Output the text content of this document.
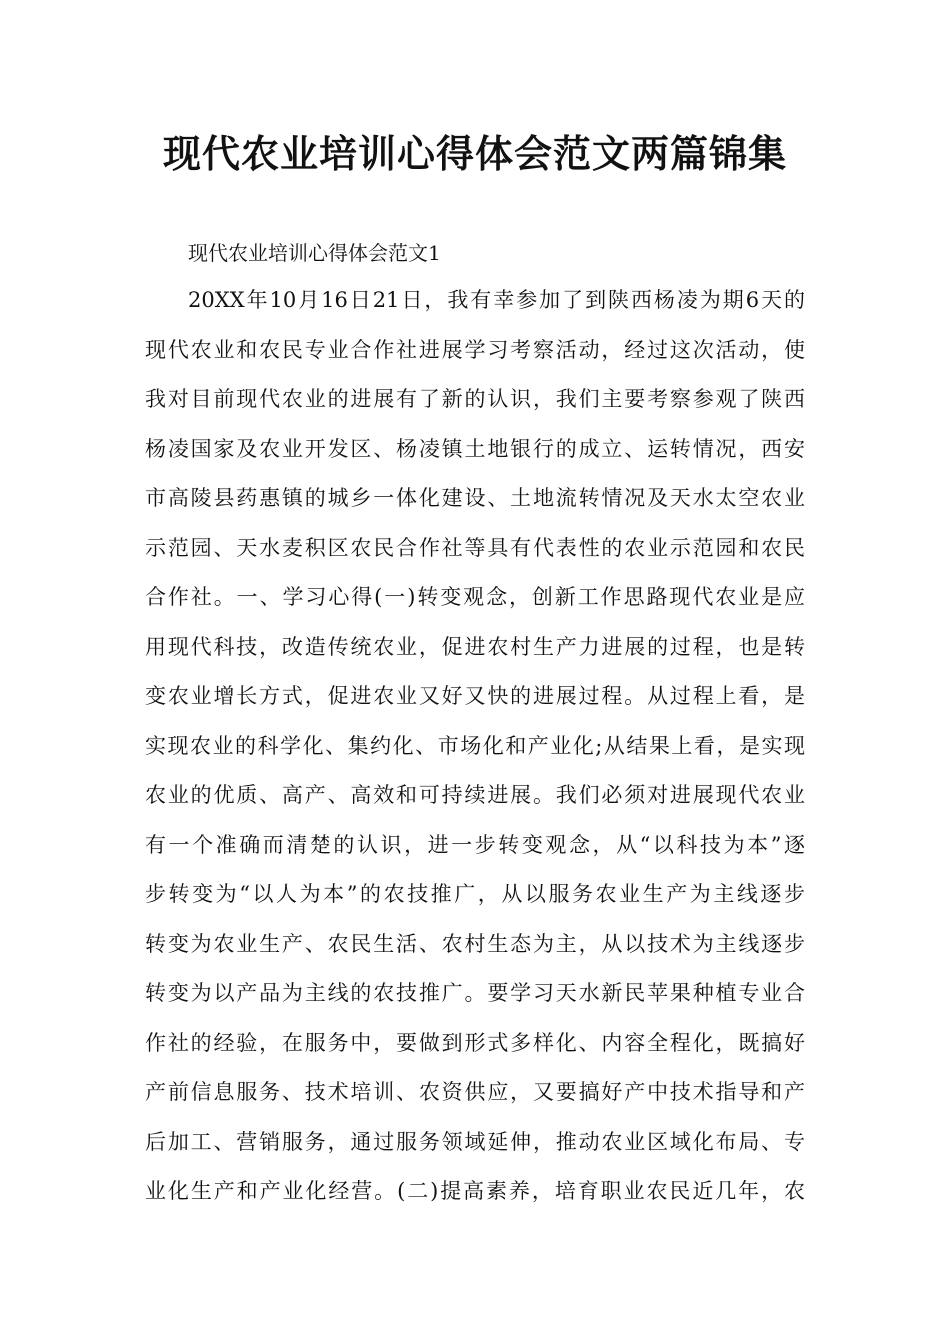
现代农业培训心得体会范文两篇锦集

现代农业培训心得体会范文1

20XX年10月16日21日，我有幸参加了到陕西杨凌为期6天的
现代农业和农民专业合作社进展学习考察活动，经过这次活动，使
我对目前现代农业的进展有了新的认识，我们主要考察参观了陕西
杨凌国家及农业开发区、杨凌镇土地银行的成立、运转情况，西安
市高陵县药惠镇的城乡一体化建设、土地流转情况及天水太空农业
示范园、天水麦积区农民合作社等具有代表性的农业示范园和农民
合作社。一、学习心得(一)转变观念，创新工作思路现代农业是应
用现代科技，改造传统农业，促进农村生产力进展的过程，也是转
变农业增长方式，促进农业又好又快的进展过程。从过程上看，是
实现农业的科学化、集约化、市场化和产业化;从结果上看，是实现
农业的优质、高产、高效和可持续进展。我们必须对进展现代农业
有一个准确而清楚的认识，进一步转变观念，从“以科技为本”逐
步转变为“以人为本”的农技推广，从以服务农业生产为主线逐步
转变为农业生产、农民生活、农村生态为主，从以技术为主线逐步
转变为以产品为主线的农技推广。要学习天水新民苹果种植专业合
作社的经验，在服务中，要做到形式多样化、内容全程化，既搞好
产前信息服务、技术培训、农资供应，又要搞好产中技术指导和产
后加工、营销服务，通过服务领域延伸，推动农业区域化布局、专
业化生产和产业化经营。(二)提高素养，培育职业农民近几年，农
